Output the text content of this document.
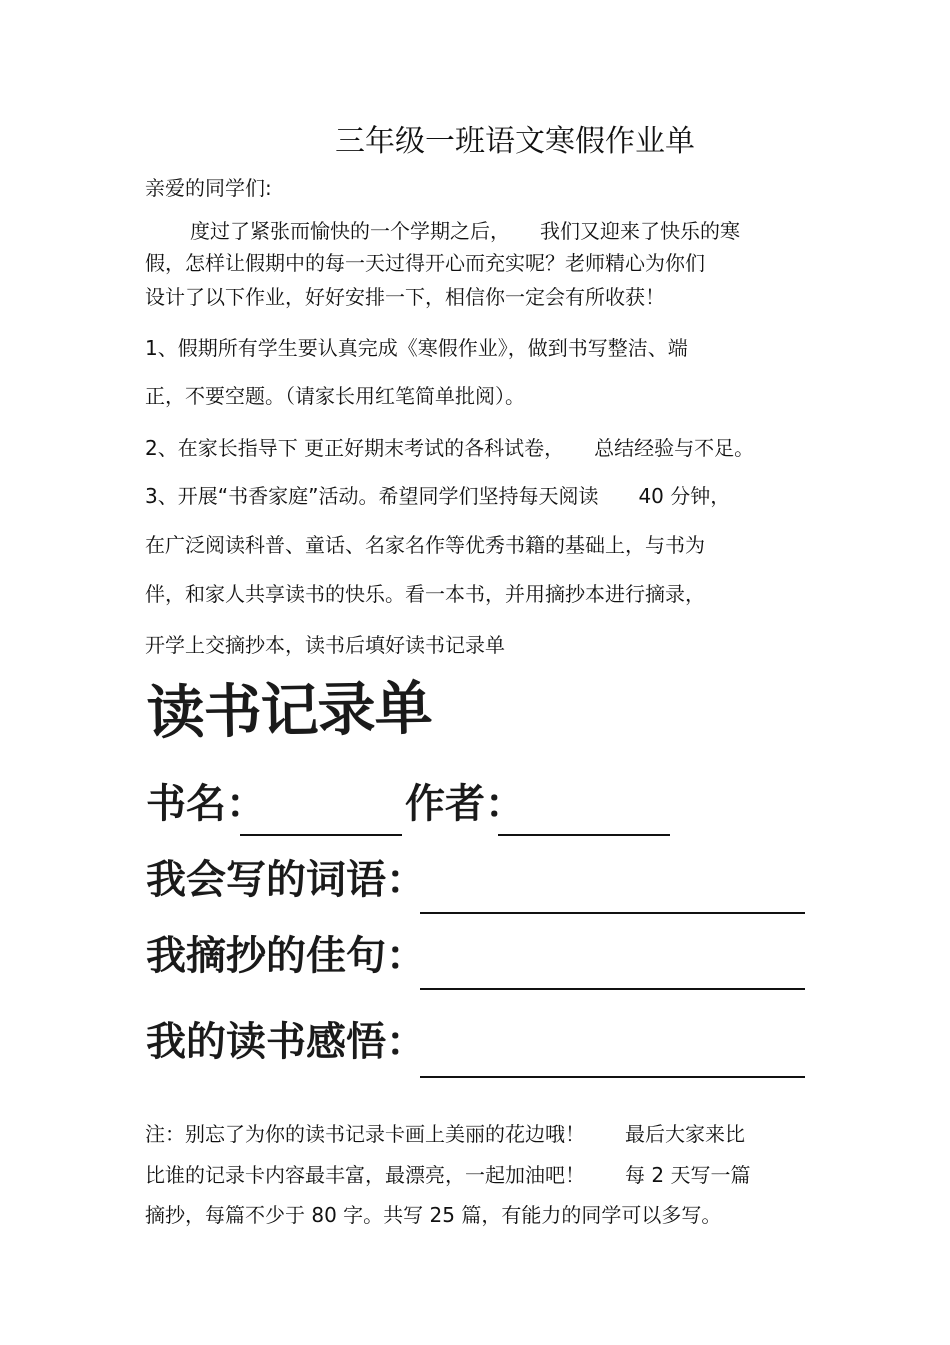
三年级一班语文寒假作业单
亲爱的同学们:
度过了紧张而愉快的一个学期之后，　　我们又迎来了快乐的寒
假，怎样让假期中的每一天过得开心而充实呢？老师精心为你们
设计了以下作业，好好安排一下，相信你一定会有所收获！
1、假期所有学生要认真完成《寒假作业》，做到书写整洁、端
正，不要空题。（请家长用红笔简单批阅）。
2、在家长指导下 更正好期末考试的各科试卷，　　总结经验与不足。
3、开展“书香家庭”活动。希望同学们坚持每天阅读　　40 分钟，
在广泛阅读科普、童话、名家名作等优秀书籍的基础上，与书为
伴，和家人共享读书的快乐。看一本书，并用摘抄本进行摘录，
开学上交摘抄本，读书后填好读书记录单
读书记录单
书名：	作者：
我会写的词语：
我摘抄的佳句：
我的读书感悟：
注：别忘了为你的读书记录卡画上美丽的花边哦！　　最后大家来比
比谁的记录卡内容最丰富，最漂亮，一起加油吧！　　每 2 天写一篇
摘抄，每篇不少于 80 字。共写 25 篇，有能力的同学可以多写。
